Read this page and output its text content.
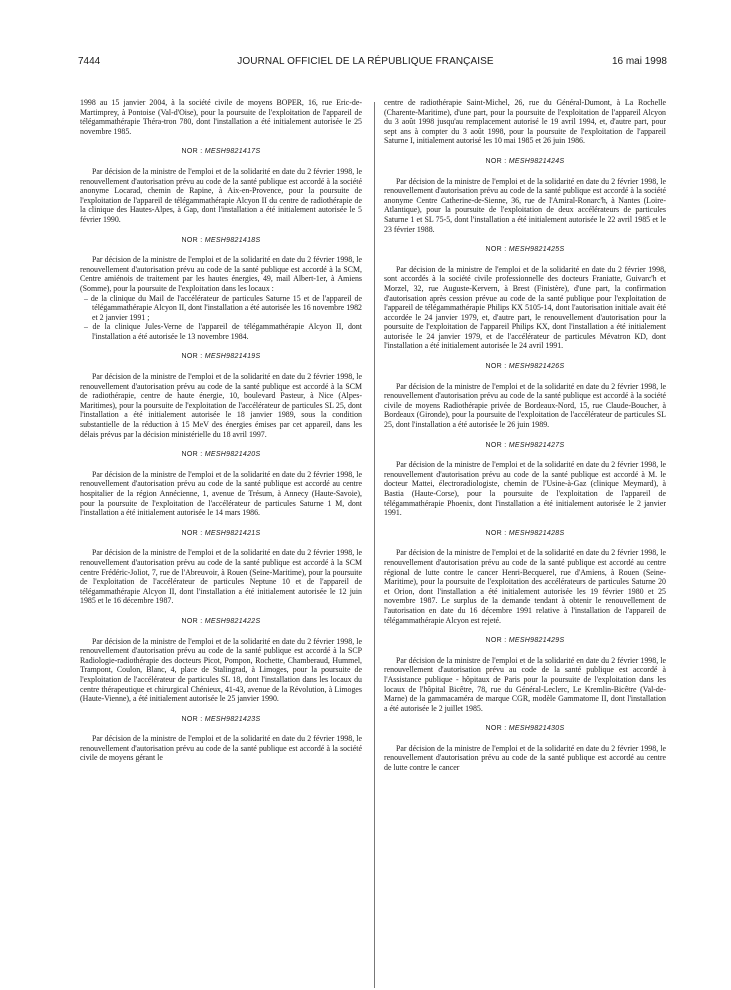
7444	JOURNAL OFFICIEL DE LA RÉPUBLIQUE FRANÇAISE	16 mai 1998

1998 au 15 janvier 2004, à la société civile de moyens BOPER, 16, rue Eric-de-Martimprey, à Pontoise (Val-d'Oise), pour la poursuite de l'exploitation de l'appareil de télégammathérapie Théra-tron 780, dont l'installation a été initialement autorisée le 25 novembre 1985.

NOR : MESH9821417S

Par décision de la ministre de l'emploi et de la solidarité en date du 2 février 1998, le renouvellement d'autorisation prévu au code de la santé publique est accordé à la société anonyme Locarad, chemin de Rapine, à Aix-en-Provence, pour la poursuite de l'exploitation de l'appareil de télégammathérapie Alcyon II du centre de radiothérapie de la clinique des Hautes-Alpes, à Gap, dont l'installation a été initialement autorisée le 5 février 1990.

NOR : MESH9821418S

Par décision de la ministre de l'emploi et de la solidarité en date du 2 février 1998, le renouvellement d'autorisation prévu au code de la santé publique est accordé à la SCM, Centre amiénois de traitement par les hautes énergies, 49, mail Albert-1er, à Amiens (Somme), pour la poursuite de l'exploitation dans les locaux :

– de la clinique du Mail de l'accélérateur de particules Saturne 15 et de l'appareil de télégammathérapie Alcyon II, dont l'installation a été autorisée les 16 novembre 1982 et 2 janvier 1991 ;
– de la clinique Jules-Verne de l'appareil de télégammathérapie Alcyon II, dont l'installation a été autorisée le 13 novembre 1984.
NOR : MESH9821419S

Par décision de la ministre de l'emploi et de la solidarité en date du 2 février 1998, le renouvellement d'autorisation prévu au code de la santé publique est accordé à la SCM de radiothérapie, centre de haute énergie, 10, boulevard Pasteur, à Nice (Alpes-Maritimes), pour la poursuite de l'exploitation de l'accélérateur de particules SL 25, dont l'installation a été initialement autorisée le 18 janvier 1989, sous la condition substantielle de la réduction à 15 MeV des énergies émises par cet appareil, dans les délais prévus par la décision ministérielle du 18 avril 1997.

NOR : MESH9821420S

Par décision de la ministre de l'emploi et de la solidarité en date du 2 février 1998, le renouvellement d'autorisation prévu au code de la santé publique est accordé au centre hospitalier de la région Annécienne, 1, avenue de Trésum, à Annecy (Haute-Savoie), pour la poursuite de l'exploitation de l'accélérateur de particules Saturne 1 M, dont l'installation a été initialement autorisée le 14 mars 1986.

NOR : MESH9821421S

Par décision de la ministre de l'emploi et de la solidarité en date du 2 février 1998, le renouvellement d'autorisation prévu au code de la santé publique est accordé à la SCM centre Frédéric-Joliot, 7, rue de l'Abreuvoir, à Rouen (Seine-Maritime), pour la poursuite de l'exploitation de l'accélérateur de particules Neptune 10 et de l'appareil de télégammathérapie Alcyon II, dont l'installation a été initialement autorisée le 12 juin 1985 et le 16 décembre 1987.

NOR : MESH9821422S

Par décision de la ministre de l'emploi et de la solidarité en date du 2 février 1998, le renouvellement d'autorisation prévu au code de la santé publique est accordé à la SCP Radiologie-radiothérapie des docteurs Picot, Pompon, Rochette, Chamberaud, Hummel, Trampont, Coulon, Blanc, 4, place de Stalingrad, à Limoges, pour la poursuite de l'exploitation de l'accélérateur de particules SL 18, dont l'installation dans les locaux du centre thérapeutique et chirurgical Chénieux, 41-43, avenue de la Révolution, à Limoges (Haute-Vienne), a été initialement autorisée le 25 janvier 1990.

NOR : MESH9821423S

Par décision de la ministre de l'emploi et de la solidarité en date du 2 février 1998, le renouvellement d'autorisation prévu au code de la santé publique est accordé à la société civile de moyens gérant le

centre de radiothérapie Saint-Michel, 26, rue du Général-Dumont, à La Rochelle (Charente-Maritime), d'une part, pour la poursuite de l'exploitation de l'appareil Alcyon du 3 août 1998 jusqu'au remplacement autorisé le 19 avril 1994, et, d'autre part, pour sept ans à compter du 3 août 1998, pour la poursuite de l'exploitation de l'appareil Saturne I, initialement autorisé les 10 mai 1985 et 26 juin 1986.

NOR : MESH9821424S

Par décision de la ministre de l'emploi et de la solidarité en date du 2 février 1998, le renouvellement d'autorisation prévu au code de la santé publique est accordé à la société anonyme Centre Catherine-de-Sienne, 36, rue de l'Amiral-Ronarc'h, à Nantes (Loire-Atlantique), pour la poursuite de l'exploitation de deux accélérateurs de particules Saturne 1 et SL 75-5, dont l'installation a été initialement autorisée le 22 avril 1985 et le 23 février 1988.

NOR : MESH9821425S

Par décision de la ministre de l'emploi et de la solidarité en date du 2 février 1998, sont accordés à la société civile professionnelle des docteurs Franiatte, Guivarc'h et Morzel, 32, rue Auguste-Kervern, à Brest (Finistère), d'une part, la confirmation d'autorisation après cession prévue au code de la santé publique pour l'exploitation de l'appareil de télégammathérapie Philips KX 5105-14, dont l'autorisation initiale avait été accordée le 24 janvier 1979, et, d'autre part, le renouvellement d'autorisation pour la poursuite de l'exploitation de l'appareil Philips KX, dont l'installation a été initialement autorisée le 24 janvier 1979, et de l'accélérateur de particules Mévatron KD, dont l'installation a été initialement autorisée le 24 avril 1991.

NOR : MESH9821426S

Par décision de la ministre de l'emploi et de la solidarité en date du 2 février 1998, le renouvellement d'autorisation prévu au code de la santé publique est accordé à la société civile de moyens Radiothérapie privée de Bordeaux-Nord, 15, rue Claude-Boucher, à Bordeaux (Gironde), pour la poursuite de l'exploitation de l'accélérateur de particules SL 25, dont l'installation a été autorisée le 26 juin 1989.

NOR : MESH9821427S

Par décision de la ministre de l'emploi et de la solidarité en date du 2 février 1998, le renouvellement d'autorisation prévu au code de la santé publique est accordé à M. le docteur Mattei, électroradiologiste, chemin de l'Usine-à-Gaz (clinique Meymard), à Bastia (Haute-Corse), pour la poursuite de l'exploitation de l'appareil de télégammathérapie Phoenix, dont l'installation a été initialement autorisée le 2 janvier 1991.

NOR : MESH9821428S

Par décision de la ministre de l'emploi et de la solidarité en date du 2 février 1998, le renouvellement d'autorisation prévu au code de la santé publique est accordé au centre régional de lutte contre le cancer Henri-Becquerel, rue d'Amiens, à Rouen (Seine-Maritime), pour la poursuite de l'exploitation des accélérateurs de particules Saturne 20 et Orion, dont l'installation a été initialement autorisée les 19 février 1980 et 25 novembre 1987. Le surplus de la demande tendant à obtenir le renouvellement de l'autorisation en date du 16 décembre 1991 relative à l'installation de l'appareil de télégammathérapie Alcyon est rejeté.

NOR : MESH9821429S

Par décision de la ministre de l'emploi et de la solidarité en date du 2 février 1998, le renouvellement d'autorisation prévu au code de la santé publique est accordé à l'Assistance publique - hôpitaux de Paris pour la poursuite de l'exploitation dans les locaux de l'hôpital Bicêtre, 78, rue du Général-Leclerc, Le Kremlin-Bicêtre (Val-de-Marne) de la gammacaméra de marque CGR, modèle Gammatome II, dont l'installation a été autorisée le 2 juillet 1985.

NOR : MESH9821430S

Par décision de la ministre de l'emploi et de la solidarité en date du 2 février 1998, le renouvellement d'autorisation prévu au code de la santé publique est accordé au centre de lutte contre le cancer
